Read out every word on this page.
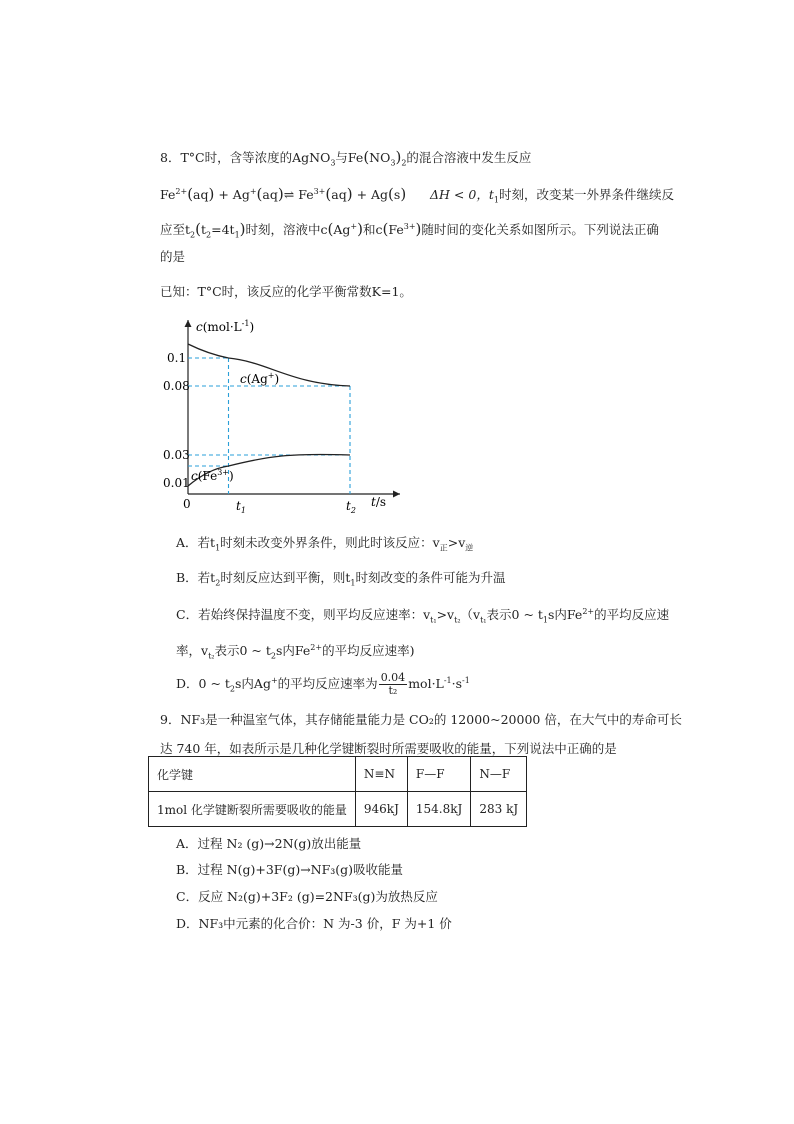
8．T°C时，含等浓度的AgNO$_3$与$Fe(NO_3)_2$的混合溶液中发生反应
$Fe^{2+}(aq)$ + Ag+(aq)⇌ $Fe^{3+}(aq) + Ag(s) \Delta H < 0$，$t_1$时刻，改变某一外界条件继续反
应至$t_2(t_2=4t_1)$时刻，溶液中c(Ag+)和$c(Fe^{3+})$随时间的变化关系如图所示。下列说法正确
的是
已知：T°C时，该反应的化学平衡常数K=1。
$c(mol\cdot L^{-1})$
0.1
0.08
0.03
0.01
0	$t_1$	$t_2$
t/s
c(Ag+)
$c(Fe^{3+})$
A．若$t_1$时刻未改变外界条件，则此时该反应：$v_正>v_逆$
B．若$t_2$时刻反应达到平衡，则$t_1$时刻改变的条件可能为升温
C．若始终保持温度不变，则平均反应速率：$v_{t_1}>v_{t_2}(v_{t_1}$表示0 ~ $t_1s$内$Fe^{2+}$的平均反应速
率，$v_{t_2}$表示0 ~ $t_2s$内$Fe^{2+}$的平均反应速率)
D．0 ~ $t_2s$内Ag+的平均反应速率为 $\frac{0.04}{\text{t₂}} mol\cdot L^{-1}\cdot s^{-1}$
9．NF₃是一种温室气体，其存储能量能力是 CO₂的 12000~20000 倍，在大气中的寿命可长
达 740 年，如表所示是几种化学键断裂时所需要吸收的能量，下列说法中正确的是
化学键	N≡N	F—F	N—F
1mol 化学键断裂所需要吸收的能量	946kJ	154.8kJ	283 kJ
A．过程 N₂ (g)→2N(g)放出能量
B．过程 N(g)+3F(g)→NF₃(g)吸收能量
C．反应 N₂(g)+3F₂ (g)=2NF₃(g)为放热反应
D．NF₃中元素的化合价：N 为-3 价，F 为+1 价
